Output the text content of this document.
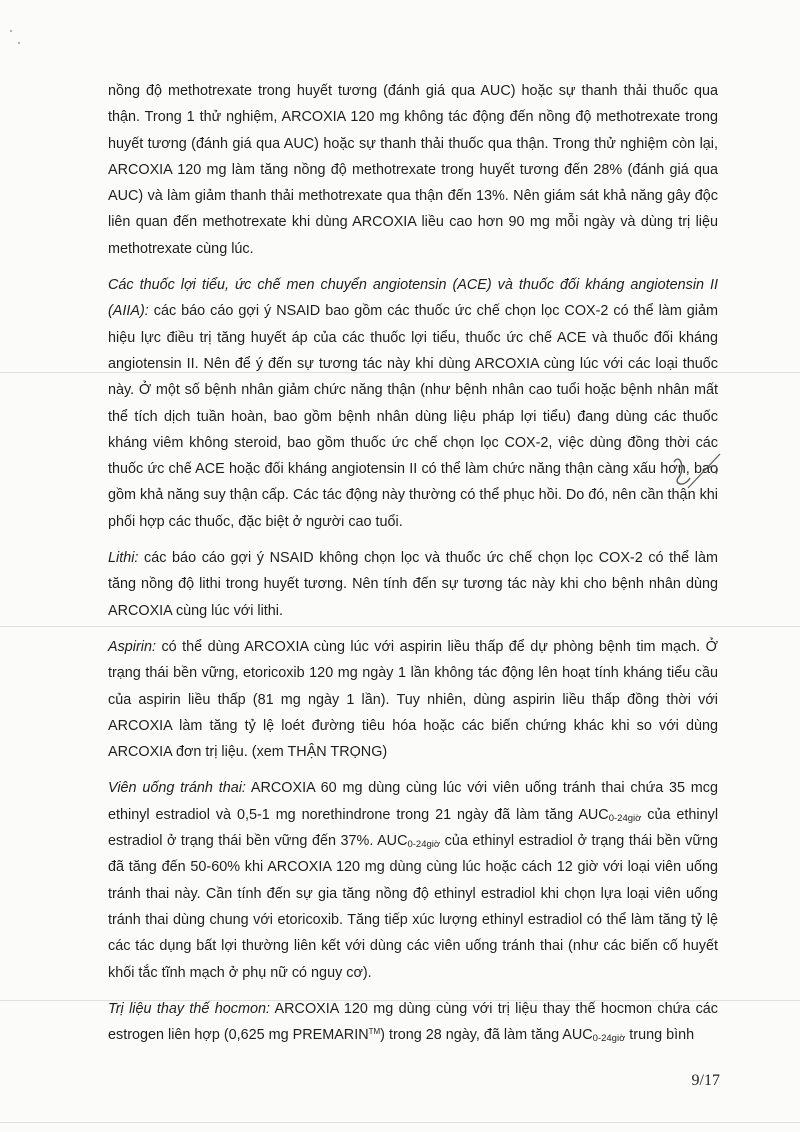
nồng độ methotrexate trong huyết tương (đánh giá qua AUC) hoặc sự thanh thải thuốc qua thận. Trong 1 thử nghiệm, ARCOXIA 120 mg không tác động đến nồng độ methotrexate trong huyết tương (đánh giá qua AUC) hoặc sự thanh thải thuốc qua thận. Trong thử nghiệm còn lại, ARCOXIA 120 mg làm tăng nồng độ methotrexate trong huyết tương đến 28% (đánh giá qua AUC) và làm giảm thanh thải methotrexate qua thận đến 13%. Nên giám sát khả năng gây độc liên quan đến methotrexate khi dùng ARCOXIA liều cao hơn 90 mg mỗi ngày và dùng trị liệu methotrexate cùng lúc.

Các thuốc lợi tiểu, ức chế men chuyển angiotensin (ACE) và thuốc đối kháng angiotensin II (AIIA): các báo cáo gợi ý NSAID bao gồm các thuốc ức chế chọn lọc COX-2 có thể làm giảm hiệu lực điều trị tăng huyết áp của các thuốc lợi tiểu, thuốc ức chế ACE và thuốc đối kháng angiotensin II. Nên để ý đến sự tương tác này khi dùng ARCOXIA cùng lúc với các loại thuốc này. Ở một số bệnh nhân giảm chức năng thận (như bệnh nhân cao tuổi hoặc bệnh nhân mất thể tích dịch tuần hoàn, bao gồm bệnh nhân dùng liệu pháp lợi tiểu) đang dùng các thuốc kháng viêm không steroid, bao gồm thuốc ức chế chọn lọc COX-2, việc dùng đồng thời các thuốc ức chế ACE hoặc đối kháng angiotensin II có thể làm chức năng thận càng xấu hơn, bao gồm khả năng suy thận cấp. Các tác động này thường có thể phục hồi. Do đó, nên cần thận khi phối hợp các thuốc, đặc biệt ở người cao tuổi.

Lithi: các báo cáo gợi ý NSAID không chọn lọc và thuốc ức chế chọn lọc COX-2 có thể làm tăng nồng độ lithi trong huyết tương. Nên tính đến sự tương tác này khi cho bệnh nhân dùng ARCOXIA cùng lúc với lithi.

Aspirin: có thể dùng ARCOXIA cùng lúc với aspirin liều thấp để dự phòng bệnh tim mạch. Ở trạng thái bền vững, etoricoxib 120 mg ngày 1 lần không tác động lên hoạt tính kháng tiểu cầu của aspirin liều thấp (81 mg ngày 1 lần). Tuy nhiên, dùng aspirin liều thấp đồng thời với ARCOXIA làm tăng tỷ lệ loét đường tiêu hóa hoặc các biến chứng khác khi so với dùng ARCOXIA đơn trị liệu. (xem THẬN TRỌNG)

Viên uống tránh thai: ARCOXIA 60 mg dùng cùng lúc với viên uống tránh thai chứa 35 mcg ethinyl estradiol và 0,5-1 mg norethindrone trong 21 ngày đã làm tăng $AUC_{0-24giờ}$ của ethinyl estradiol ở trạng thái bền vững đến 37%. $AUC_{0-24giờ}$ của ethinyl estradiol ở trạng thái bền vững đã tăng đến 50-60% khi ARCOXIA 120 mg dùng cùng lúc hoặc cách 12 giờ với loại viên uống tránh thai này. Cần tính đến sự gia tăng nồng độ ethinyl estradiol khi chọn lựa loại viên uống tránh thai dùng chung với etoricoxib. Tăng tiếp xúc lượng ethinyl estradiol có thể làm tăng tỷ lệ các tác dụng bất lợi thường liên kết với dùng các viên uống tránh thai (như các biến cố huyết khối tắc tĩnh mạch ở phụ nữ có nguy cơ).

Trị liệu thay thế hocmon: ARCOXIA 120 mg dùng cùng với trị liệu thay thế hocmon chứa các estrogen liên hợp (0,625 mg PREMARIN™) trong 28 ngày, đã làm tăng $AUC_{0-24giờ}$ trung bình

9/17
